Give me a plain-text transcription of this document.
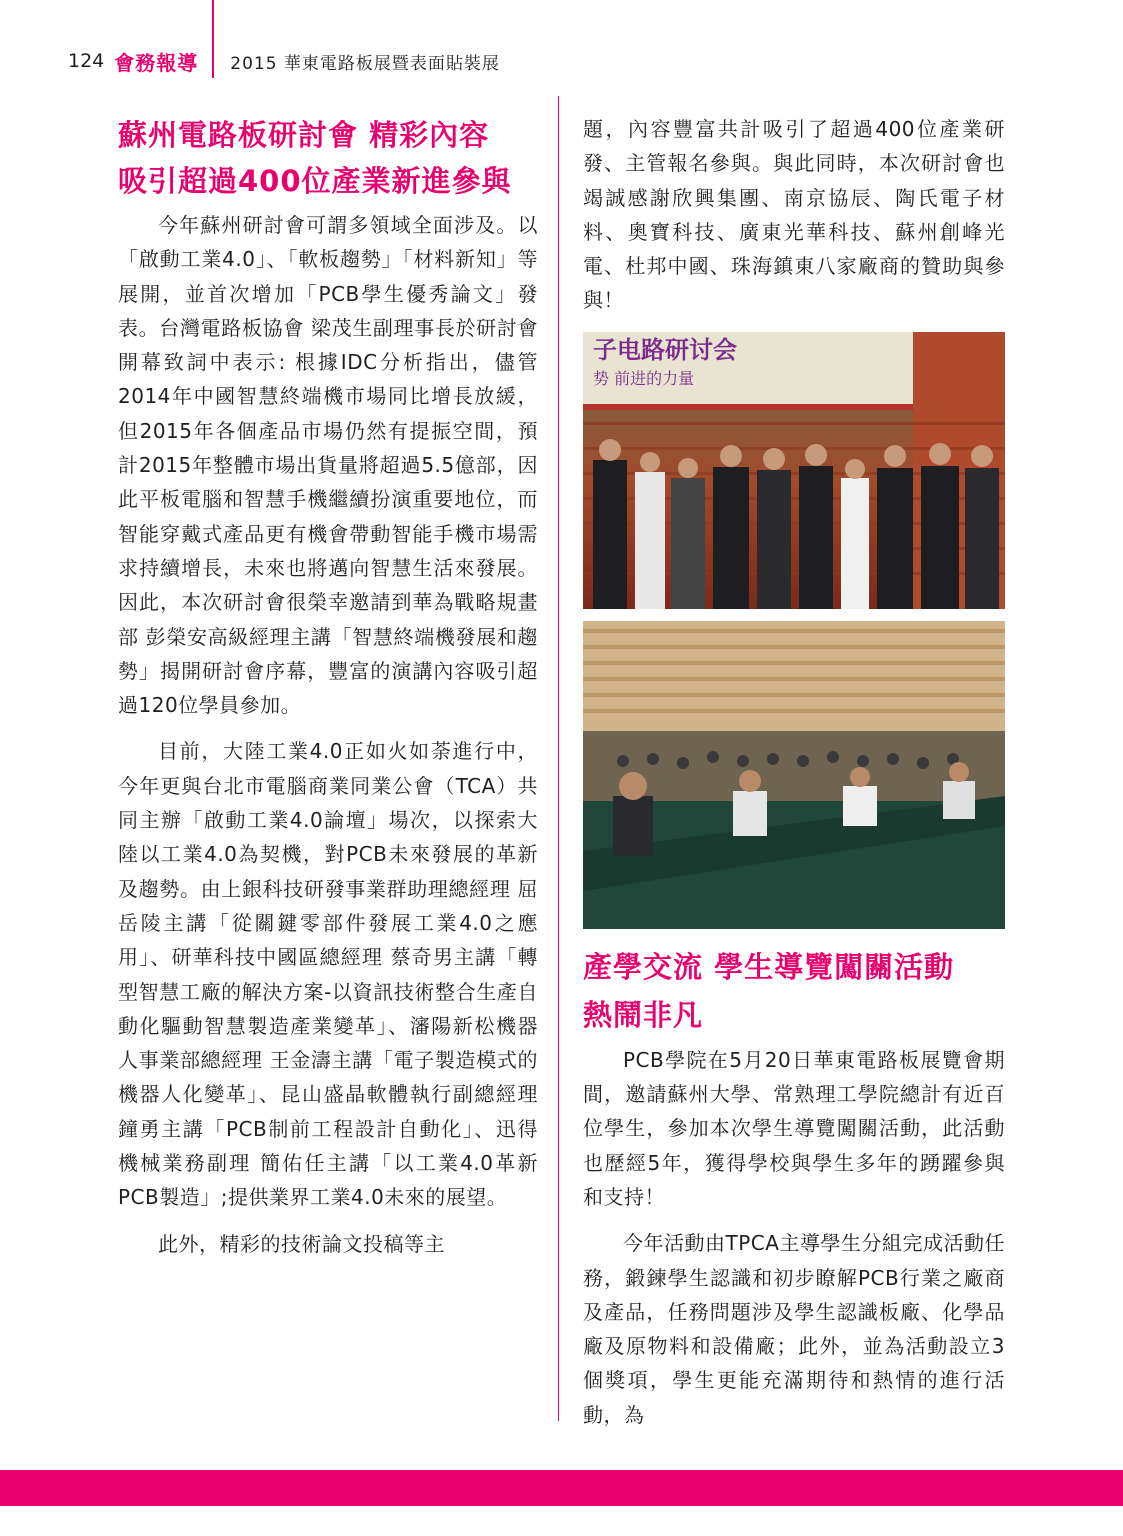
124 會務報導 2015 華東電路板展暨表面貼裝展
蘇州電路板研討會 精彩內容
吸引超過400位產業新進參與

今年蘇州研討會可謂多領域全面涉及。以「啟動工業4.0」、「軟板趨勢」「材料新知」等展開，並首次增加「PCB學生優秀論文」發表。台灣電路板協會 梁茂生副理事長於研討會開幕致詞中表示: 根據IDC分析指出，儘管2014年中國智慧終端機市場同比增長放緩，但2015年各個產品市場仍然有提振空間，預計2015年整體市場出貨量將超過5.5億部，因此平板電腦和智慧手機繼續扮演重要地位，而智能穿戴式產品更有機會帶動智能手機市場需求持續增長，未來也將邁向智慧生活來發展。因此，本次研討會很榮幸邀請到華為戰略規畫部 彭榮安高級經理主講「智慧終端機發展和趨勢」揭開研討會序幕，豐富的演講內容吸引超過120位學員參加。

目前，大陸工業4.0正如火如荼進行中，今年更與台北市電腦商業同業公會（TCA）共同主辦「啟動工業4.0論壇」場次，以探索大陸以工業4.0為契機，對PCB未來發展的革新及趨勢。由上銀科技研發事業群助理總經理 屈岳陵主講「從關鍵零部件發展工業4.0之應用」、研華科技中國區總經理 蔡奇男主講「轉型智慧工廠的解決方案-以資訊技術整合生產自動化驅動智慧製造產業變革」、瀋陽新松機器人事業部總經理 王金濤主講「電子製造模式的機器人化變革」、昆山盛晶軟體執行副總經理 鐘勇主講「PCB制前工程設計自動化」、迅得機械業務副理 簡佑任主講「以工業4.0革新PCB製造」;提供業界工業4.0未來的展望。

此外，精彩的技術論文投稿等主

題，內容豐富共計吸引了超過400位產業研發、主管報名參與。與此同時，本次研討會也竭誠感謝欣興集團、南京協辰、陶氏電子材料、奧寶科技、廣東光華科技、蘇州創峰光電、杜邦中國、珠海鎮東八家廠商的贊助與參與！

子电路研讨会
势 前进的力量
產學交流 學生導覽闖關活動
熱鬧非凡

PCB學院在5月20日華東電路板展覽會期間，邀請蘇州大學、常熟理工學院總計有近百位學生，參加本次學生導覽闖關活動，此活動也歷經5年，獲得學校與學生多年的踴躍參與和支持！

今年活動由TPCA主導學生分組完成活動任務，鍛鍊學生認識和初步瞭解PCB行業之廠商及產品，任務問題涉及學生認識板廠、化學品廠及原物料和設備廠；此外，並為活動設立3個獎項，學生更能充滿期待和熱情的進行活動，為
